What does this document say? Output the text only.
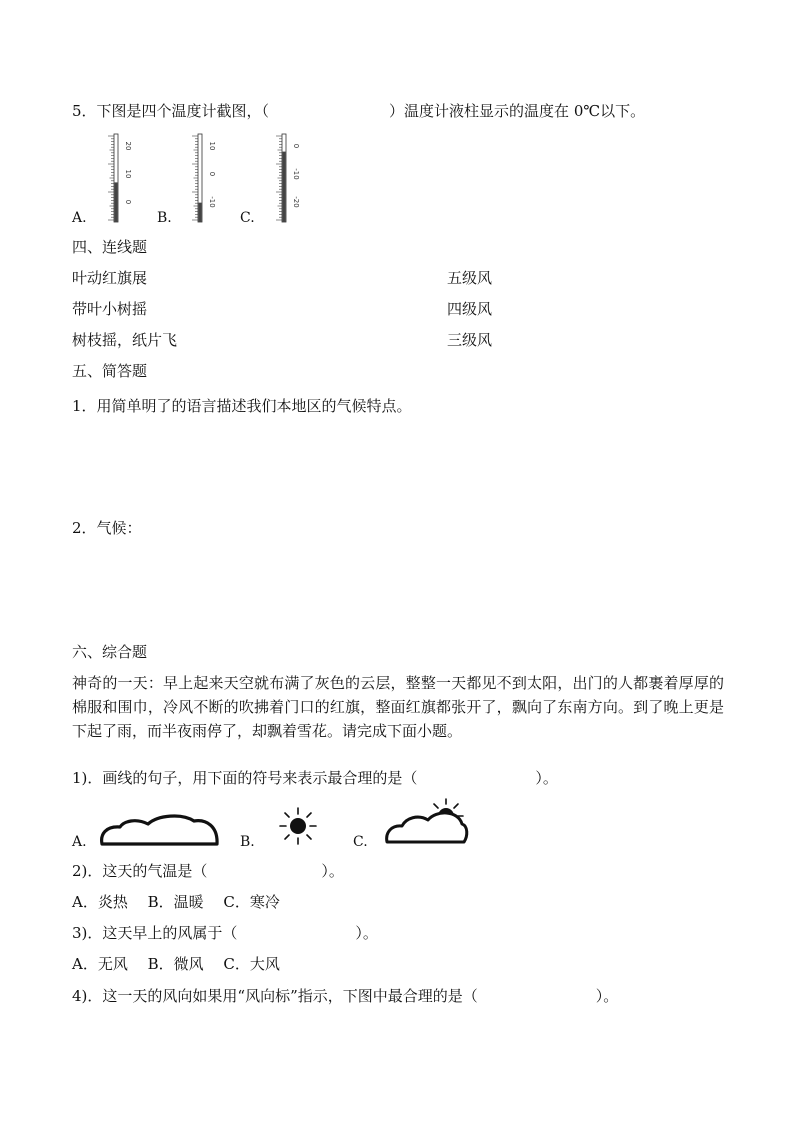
5．下图是四个温度计截图，（	）温度计液柱显示的温度在 0℃以下。
A.	B.	C.
20
10
0
10
0
-10
0
-10
-20
四、连线题
叶动红旗展	五级风
带叶小树摇	四级风
树枝摇，纸片飞	三级风
五、简答题
1．用简单明了的语言描述我们本地区的气候特点。
2．气候：
六、综合题
神奇的一天：早上起来天空就布满了灰色的云层，整整一天都见不到太阳，出门的人都裹着厚厚的棉服和围巾，冷风不断的吹拂着门口的红旗，整面红旗都张开了，飘向了东南方向。到了晚上更是下起了雨，而半夜雨停了，却飘着雪花。请完成下面小题。
1)．画线的句子，用下面的符号来表示最合理的是（	）。
A.	B.	C.
2)．这天的气温是（	）。
A．炎热　 B．温暖　 C．寒冷
3)．这天早上的风属于（	）。
A．无风　 B．微风　 C．大风
4)．这一天的风向如果用“风向标”指示，下图中最合理的是（	）。
